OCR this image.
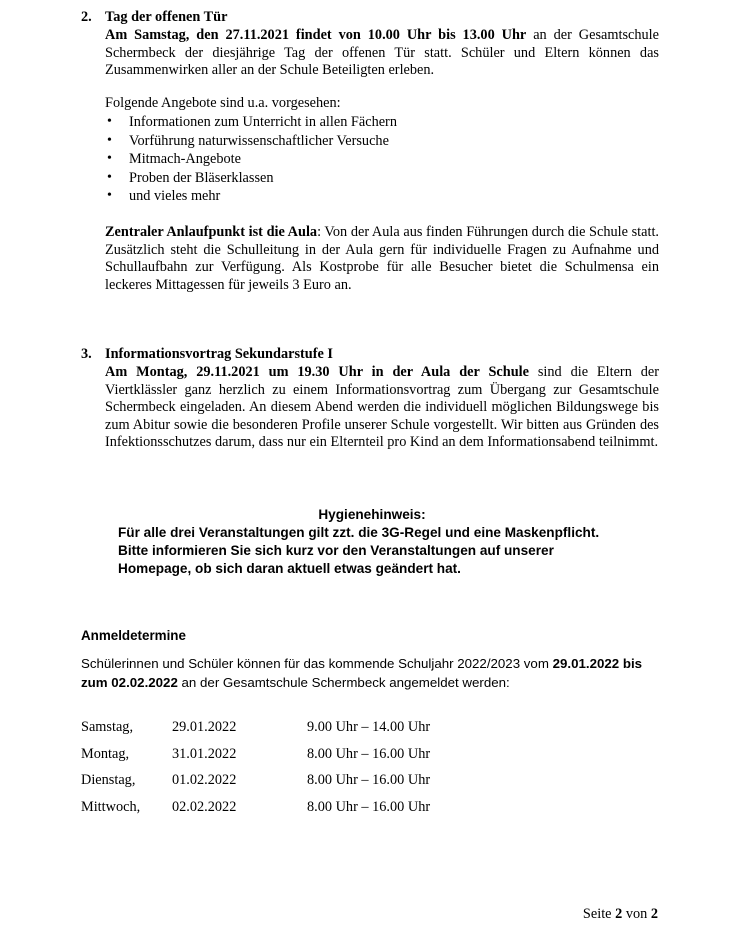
2. Tag der offenen Tür
Am Samstag, den 27.11.2021 findet von 10.00 Uhr bis 13.00 Uhr an der Gesamtschule Schermbeck der diesjährige Tag der offenen Tür statt. Schüler und Eltern können das Zusammenwirken aller an der Schule Beteiligten erleben.
Folgende Angebote sind u.a. vorgesehen:
• Informationen zum Unterricht in allen Fächern
• Vorführung naturwissenschaftlicher Versuche
• Mitmach-Angebote
• Proben der Bläserklassen
• und vieles mehr
Zentraler Anlaufpunkt ist die Aula: Von der Aula aus finden Führungen durch die Schule statt. Zusätzlich steht die Schulleitung in der Aula gern für individuelle Fragen zu Aufnahme und Schullaufbahn zur Verfügung. Als Kostprobe für alle Besucher bietet die Schulmensa ein leckeres Mittagessen für jeweils 3 Euro an.
3. Informationsvortrag Sekundarstufe I
Am Montag, 29.11.2021 um 19.30 Uhr in der Aula der Schule sind die Eltern der Viertklässler ganz herzlich zu einem Informationsvortrag zum Übergang zur Gesamtschule Schermbeck eingeladen. An diesem Abend werden die individuell möglichen Bildungswege bis zum Abitur sowie die besonderen Profile unserer Schule vorgestellt. Wir bitten aus Gründen des Infektionsschutzes darum, dass nur ein Elternteil pro Kind an dem Informationsabend teilnimmt.
Hygienehinweis:
Für alle drei Veranstaltungen gilt zzt. die 3G-Regel und eine Maskenpflicht.
Bitte informieren Sie sich kurz vor den Veranstaltungen auf unserer
Homepage, ob sich daran aktuell etwas geändert hat.
Anmeldetermine
Schülerinnen und Schüler können für das kommende Schuljahr 2022/2023 vom 29.01.2022 bis zum 02.02.2022 an der Gesamtschule Schermbeck angemeldet werden:
Samstag,	29.01.2022	9.00 Uhr – 14.00 Uhr
Montag,	31.01.2022	8.00 Uhr – 16.00 Uhr
Dienstag,	01.02.2022	8.00 Uhr – 16.00 Uhr
Mittwoch, 02.02.2022	8.00 Uhr – 16.00 Uhr
Seite 2 von 2
